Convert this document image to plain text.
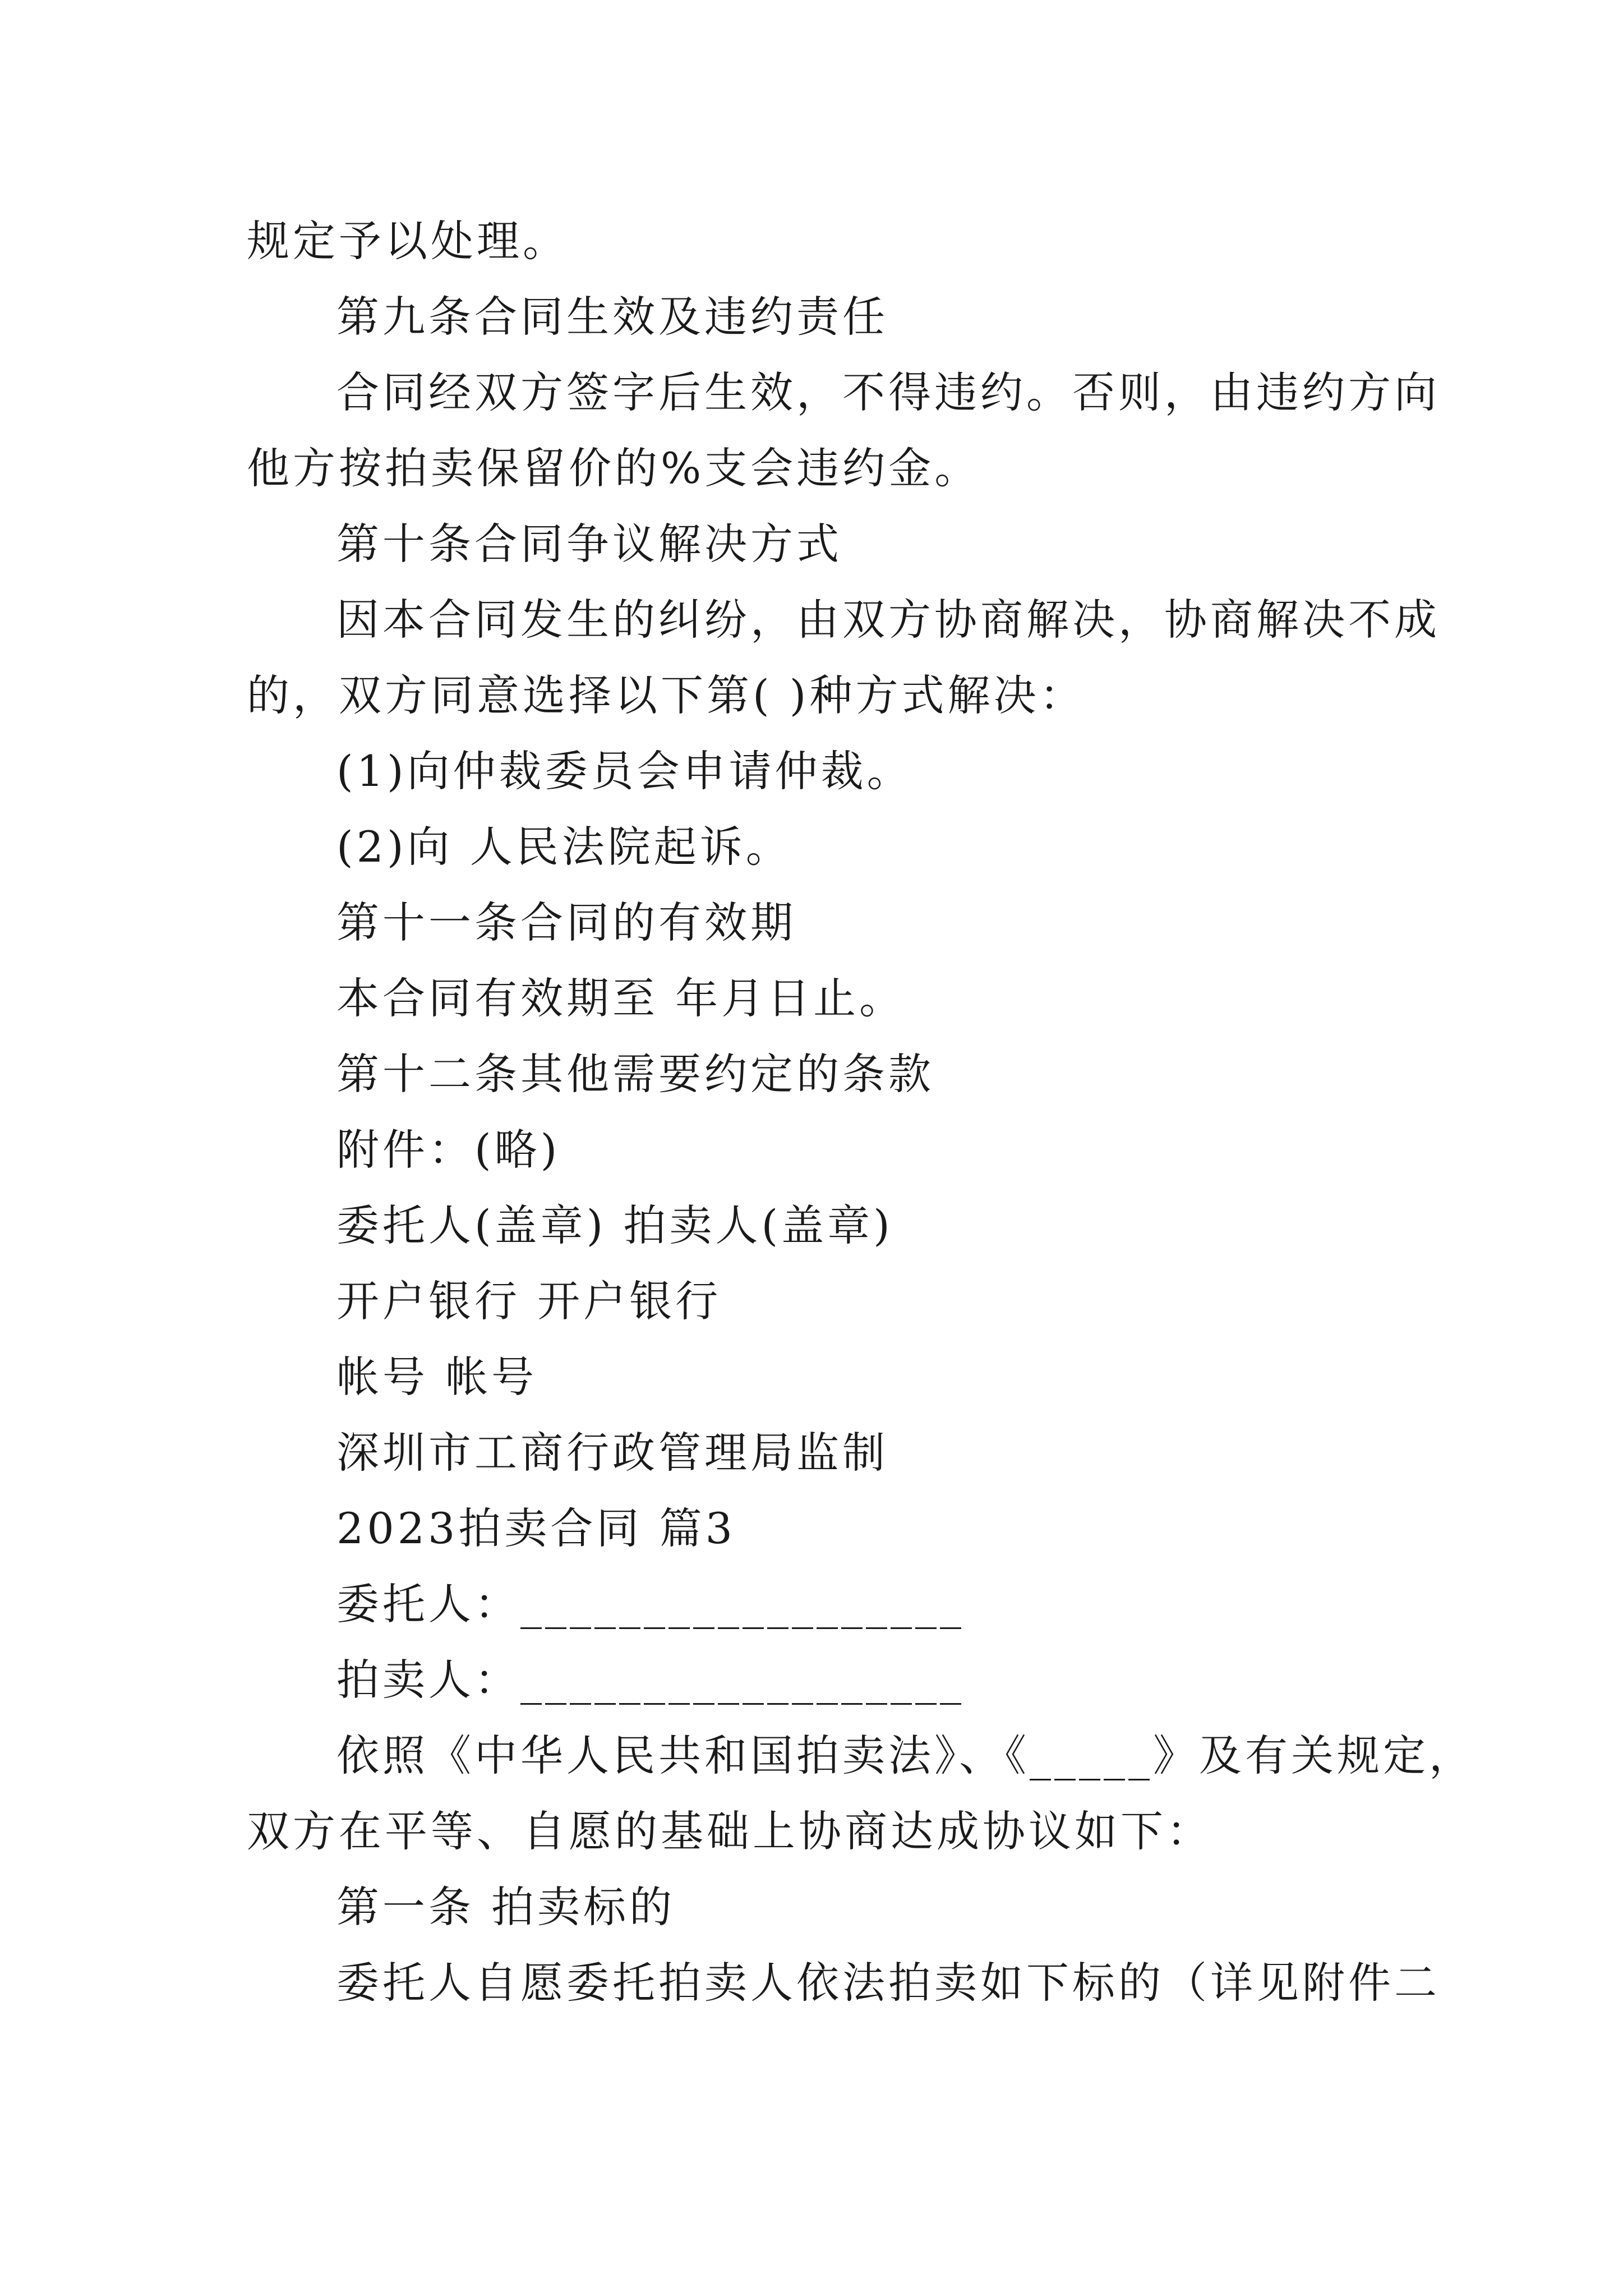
规定予以处理。
第九条合同生效及违约责任
合同经双方签字后生效，不得违约。否则，由违约方向
他方按拍卖保留价的%支会违约金。
第十条合同争议解决方式
因本合同发生的纠纷，由双方协商解决，协商解决不成
的，双方同意选择以下第( )种方式解决：
(1)向仲裁委员会申请仲裁。
(2)向 人民法院起诉。
第十一条合同的有效期
本合同有效期至 年月日止。
第十二条其他需要约定的条款
附件：(略)
委托人(盖章) 拍卖人(盖章)
开户银行 开户银行
帐号 帐号
深圳市工商行政管理局监制
2023拍卖合同 篇3
委托人：__________________
拍卖人：__________________
依照《中华人民共和国拍卖法》、《_____》及有关规定，
双方在平等、自愿的基础上协商达成协议如下：
第一条 拍卖标的
委托人自愿委托拍卖人依法拍卖如下标的（详见附件二
